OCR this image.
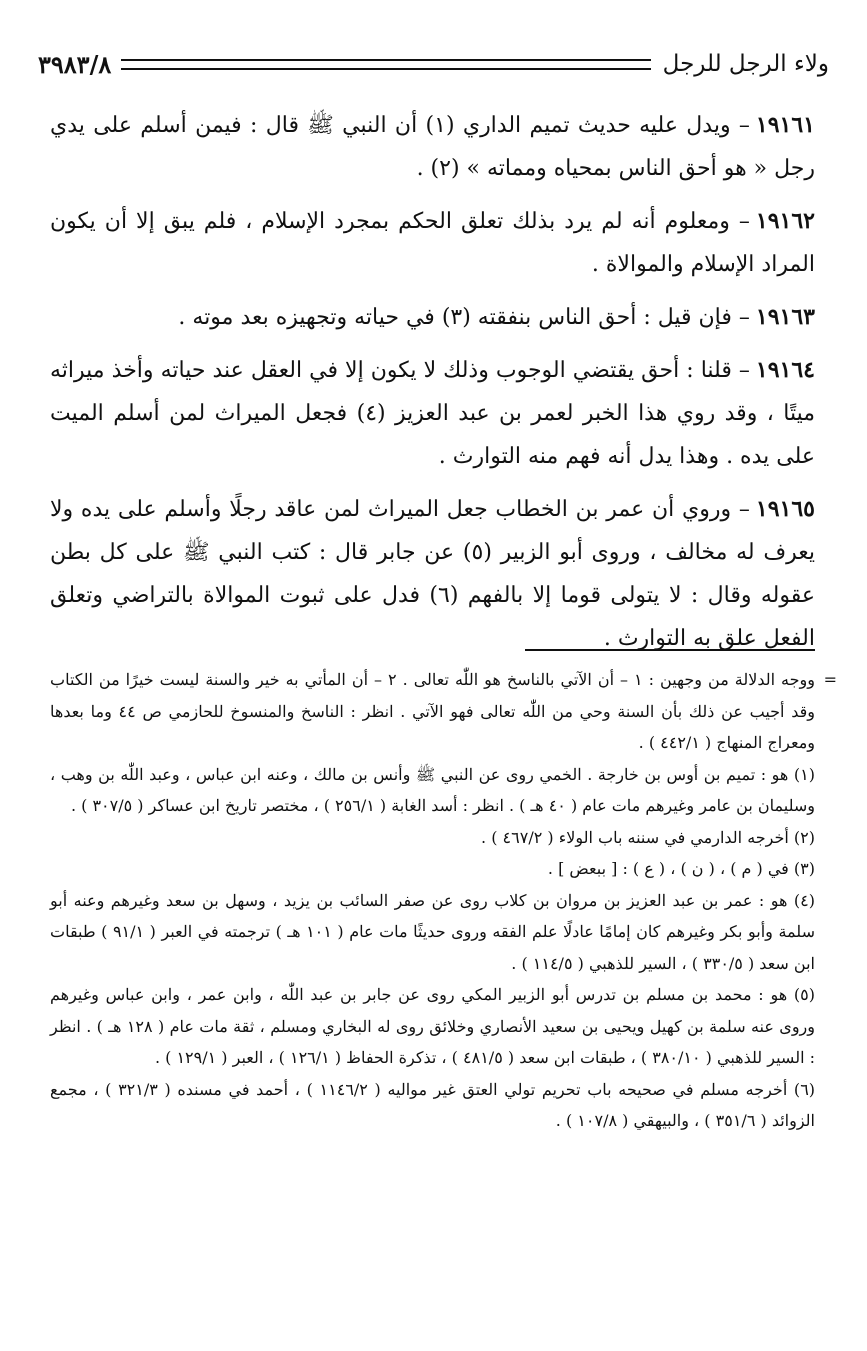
٣٩٨٣/٨	ولاء الرجل للرجل

١٩١٦١– ويدل عليه حديث تميم الداري (١) أن النبي ﷺ قال : فيمن أسلم على يدي رجل « هو أحق الناس بمحياه ومماته » (٢) .

١٩١٦٢– ومعلوم أنه لم يرد بذلك تعلق الحكم بمجرد الإسلام ، فلم يبق إلا أن يكون المراد الإسلام والموالاة .

١٩١٦٣– فإن قيل : أحق الناس بنفقته (٣) في حياته وتجهيزه بعد موته .

١٩١٦٤– قلنا : أحق يقتضي الوجوب وذلك لا يكون إلا في العقل عند حياته وأخذ ميراثه ميتًا ، وقد روي هذا الخبر لعمر بن عبد العزيز (٤) فجعل الميراث لمن أسلم الميت على يده . وهذا يدل أنه فهم منه التوارث .

١٩١٦٥– وروي أن عمر بن الخطاب جعل الميراث لمن عاقد رجلًا وأسلم على يده ولا يعرف له مخالف ، وروى أبو الزبير (٥) عن جابر قال : كتب النبي ﷺ على كل بطن عقوله وقال : لا يتولى قوما إلا بالفهم (٦) فدل على ثبوت الموالاة بالتراضي وتعلق الفعل علق به التوارث .

=
ووجه الدلالة من وجهين : ١ – أن الآتي بالناسخ هو اللّٰه تعالى . ٢ – أن المأتي به خير والسنة ليست خيرًا من الكتاب وقد أجيب عن ذلك بأن السنة وحي من اللّٰه تعالى فهو الآتي . انظر : الناسخ والمنسوخ للحازمي ص ٤٤ وما بعدها ومعراج المنهاج ( ٤٤٢/١ ) .

(١) هو : تميم بن أوس بن خارجة . الخمي روى عن النبي ﷺ وأنس بن مالك ، وعنه ابن عباس ، وعبد اللّٰه بن وهب ، وسليمان بن عامر وغيرهم مات عام ( ٤٠ هـ ) . انظر : أسد الغابة ( ٢٥٦/١ ) ، مختصر تاريخ ابن عساكر ( ٣٠٧/٥ ) .

(٢) أخرجه الدارمي في سننه باب الولاء ( ٤٦٧/٢ ) .

(٣) في ( م ) ، ( ن ) ، ( ع ) : [ ببعض ] .

(٤) هو : عمر بن عبد العزيز بن مروان بن كلاب روى عن صفر السائب بن يزيد ، وسهل بن سعد وغيرهم وعنه أبو سلمة وأبو بكر وغيرهم كان إمامًا عادلًا علم الفقه وروى حديثًا مات عام ( ١٠١ هـ ) ترجمته في العبر ( ٩١/١ ) طبقات ابن سعد ( ٣٣٠/٥ ) ، السير للذهبي ( ١١٤/٥ ) .

(٥) هو : محمد بن مسلم بن تدرس أبو الزبير المكي روى عن جابر بن عبد اللّٰه ، وابن عمر ، وابن عباس وغيرهم وروى عنه سلمة بن كهيل ويحيى بن سعيد الأنصاري وخلائق روى له البخاري ومسلم ، ثقة مات عام ( ١٢٨ هـ ) . انظر : السير للذهبي ( ٣٨٠/١٠ ) ، طبقات ابن سعد ( ٤٨١/٥ ) ، تذكرة الحفاظ ( ١٢٦/١ ) ، العبر ( ١٢٩/١ ) .

(٦) أخرجه مسلم في صحيحه باب تحريم تولي العتق غير مواليه ( ١١٤٦/٢ ) ، أحمد في مسنده ( ٣٢١/٣ ) ، مجمع الزوائد ( ٣٥١/٦ ) ، والبيهقي ( ١٠٧/٨ ) .
